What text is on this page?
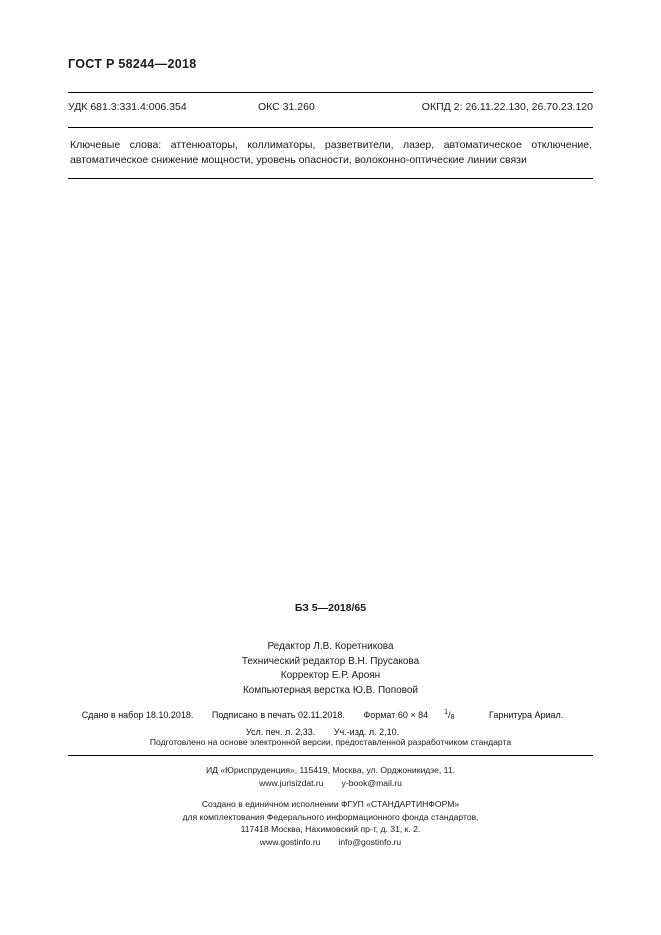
ГОСТ Р 58244—2018
УДК 681.3:331.4:006.354	ОКС 31.260	ОКПД 2: 26.11.22.130, 26.70.23.120
Ключевые слова: аттенюаторы, коллиматоры, разветвители, лазер, автоматическое отключение, автоматическое снижение мощности, уровень опасности, волоконно-оптические линии связи
БЗ 5—2018/65
Редактор Л.В. Коретникова
Технический редактор В.Н. Прусакова
Корректор Е.Р. Ароян
Компьютерная верстка Ю.В. Поповой
Сдано в набор 18.10.2018. Подписано в печать 02.11.2018. Формат 60 × 84 $^1/_8$	Гарнитура Ариал.
Усл. печ. л. 2,33. Уч.-изд. л. 2,10.
Подготовлено на основе электронной версии, предоставленной разработчиком стандарта
ИД «Юриспруденция», 115419, Москва, ул. Орджоникидзе, 11.
www.jurisizdat.ru y-book@mail.ru
Создано в единичном исполнении ФГУП «СТАНДАРТИНФОРМ»
для комплектования Федерального информационного фонда стандартов,
117418 Москва, Нахимовский пр-т, д. 31, к. 2.
www.gostinfo.ru info@gostinfo.ru
